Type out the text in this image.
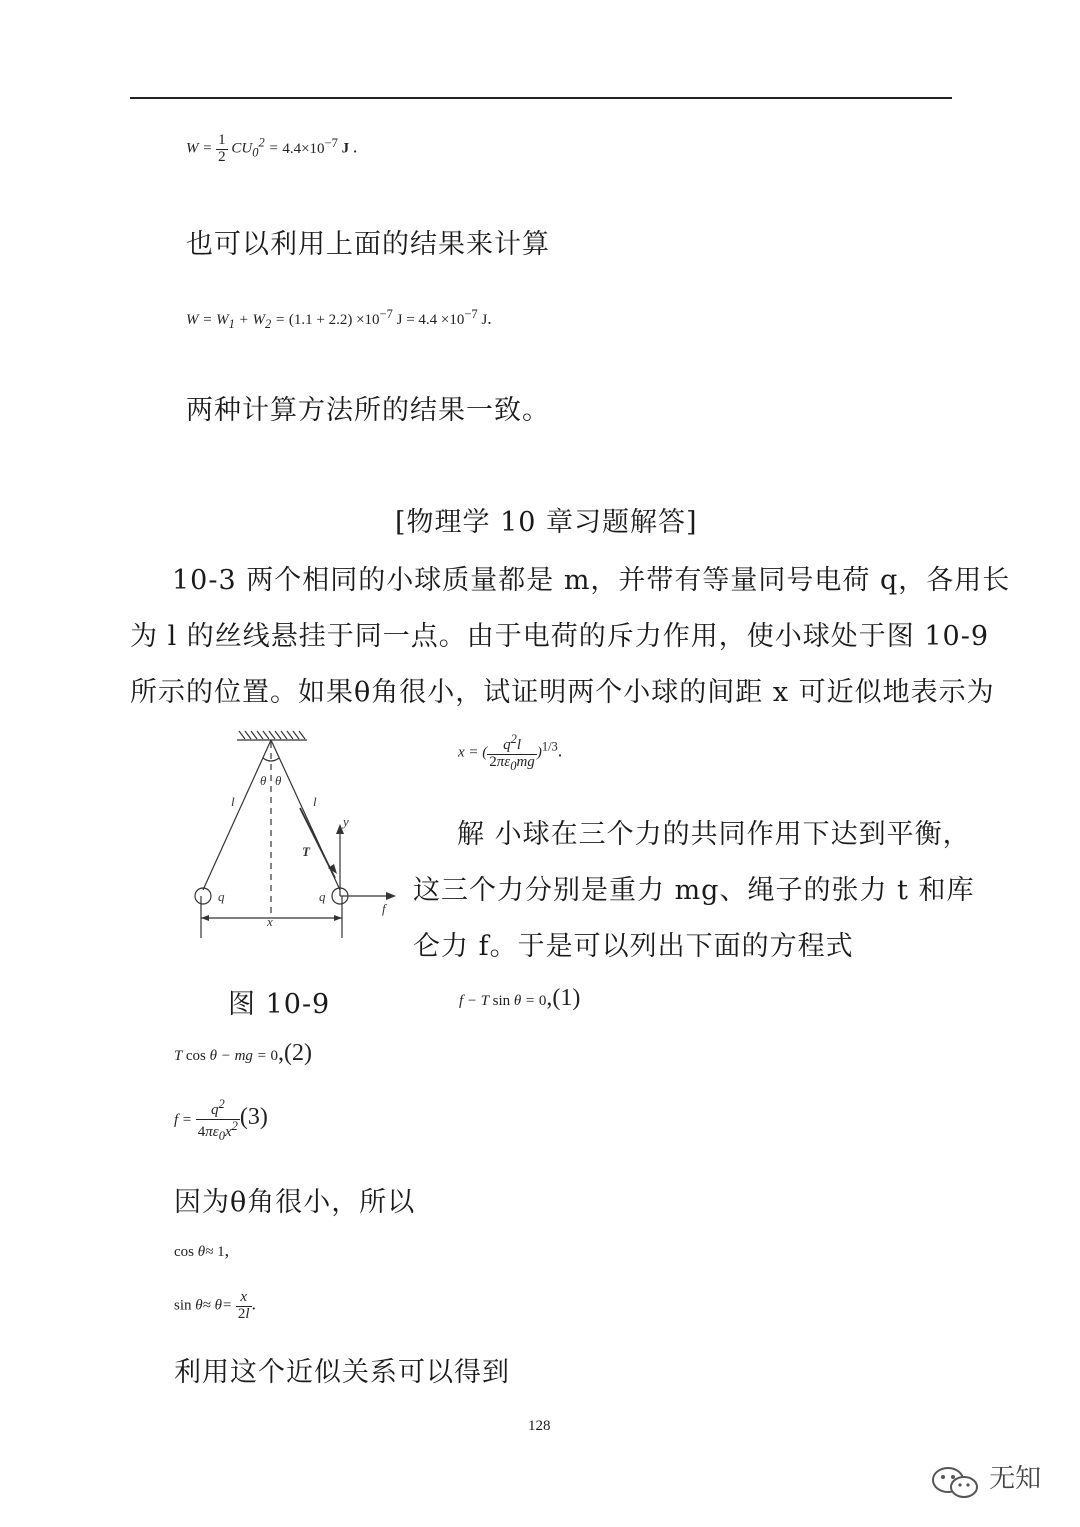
$W = \frac{1}{2} CU_0^2 = 4.4\times 10^{-7}$ J .
也可以利用上面的结果来计算
$W = W_1 + W_2 = (1.1 + 2.2) \times 10^{-7}$ $J = 4.4 \times 10^{-7}$ J.
两种计算方法所的结果一致。
[物理学 10 章习题解答]
10-3 两个相同的小球质量都是 m，并带有等量同号电荷 q，各用长
为 l 的丝线悬挂于同一点。由于电荷的斥力作用，使小球处于图 10-9
所示的位置。如果θ角很小，试证明两个小球的间距 x 可近似地表示为
θ θ
l	l
T
y
q	q
f
x
x = ( $\frac{q^2l}{2\pi\varepsilon_0mg} )^{1/3}$.
解 小球在三个力的共同作用下达到平衡，
这三个力分别是重力 mg、绳子的张力 t 和库
仑力 f。于是可以列出下面的方程式
图 10-9	f − T sin θ = 0,(1)
T cos θ − mg = 0,(2)
$f = \frac{q^2}{4\pi\varepsilon_0x^2} (3)$
因为θ角很小，所以
cos θ≈ 1,
$\sin \theta\approx \theta= \frac{x}{2l}$ .
利用这个近似关系可以得到
128
无知
